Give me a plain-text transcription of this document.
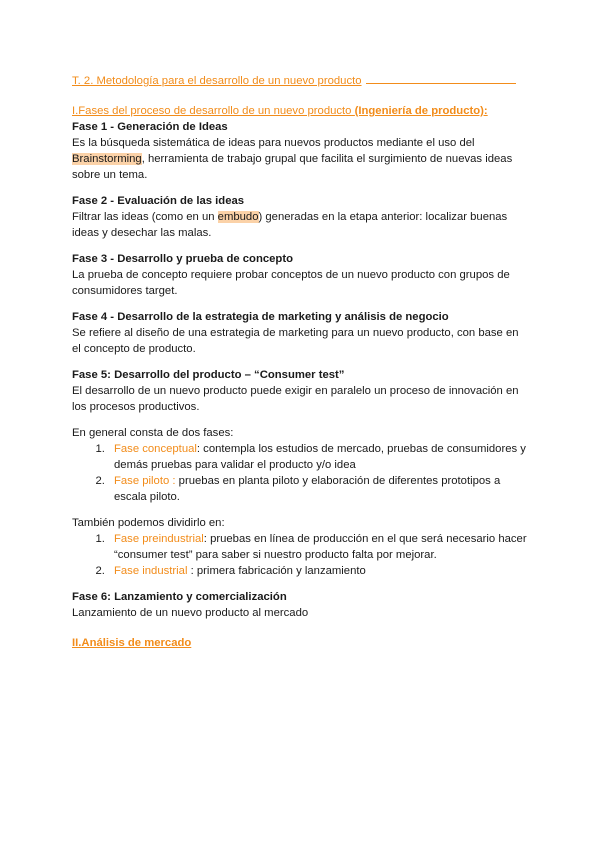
T. 2. Metodología para el desarrollo de un nuevo producto

I.Fases del proceso de desarrollo de un nuevo producto (Ingeniería de producto):

Fase 1 - Generación de Ideas

Es la búsqueda sistemática de ideas para nuevos productos mediante el uso del Brainstorming, herramienta de trabajo grupal que facilita el surgimiento de nuevas ideas sobre un tema.

Fase 2 - Evaluación de las ideas

Filtrar las ideas (como en un embudo) generadas en la etapa anterior: localizar buenas ideas y desechar las malas.

Fase 3 - Desarrollo y prueba de concepto

La prueba de concepto requiere probar conceptos de un nuevo producto con grupos de consumidores target.

Fase 4 - Desarrollo de la estrategia de marketing y análisis de negocio

Se refiere al diseño de una estrategia de marketing para un nuevo producto, con base en el concepto de producto.

Fase 5: Desarrollo del producto – “Consumer test”

El desarrollo de un nuevo producto puede exigir en paralelo un proceso de innovación en los procesos productivos.

En general consta de dos fases:

1. Fase conceptual: contempla los estudios de mercado, pruebas de consumidores y demás pruebas para validar el producto y/o idea
2. Fase piloto : pruebas en planta piloto y elaboración de diferentes prototipos a escala piloto.

También podemos dividirlo en:

1. Fase preindustrial: pruebas en línea de producción en el que será necesario hacer “consumer test” para saber si nuestro producto falta por mejorar.
2. Fase industrial : primera fabricación y lanzamiento

Fase 6: Lanzamiento y comercialización

Lanzamiento de un nuevo producto al mercado

II.Análisis de mercado
